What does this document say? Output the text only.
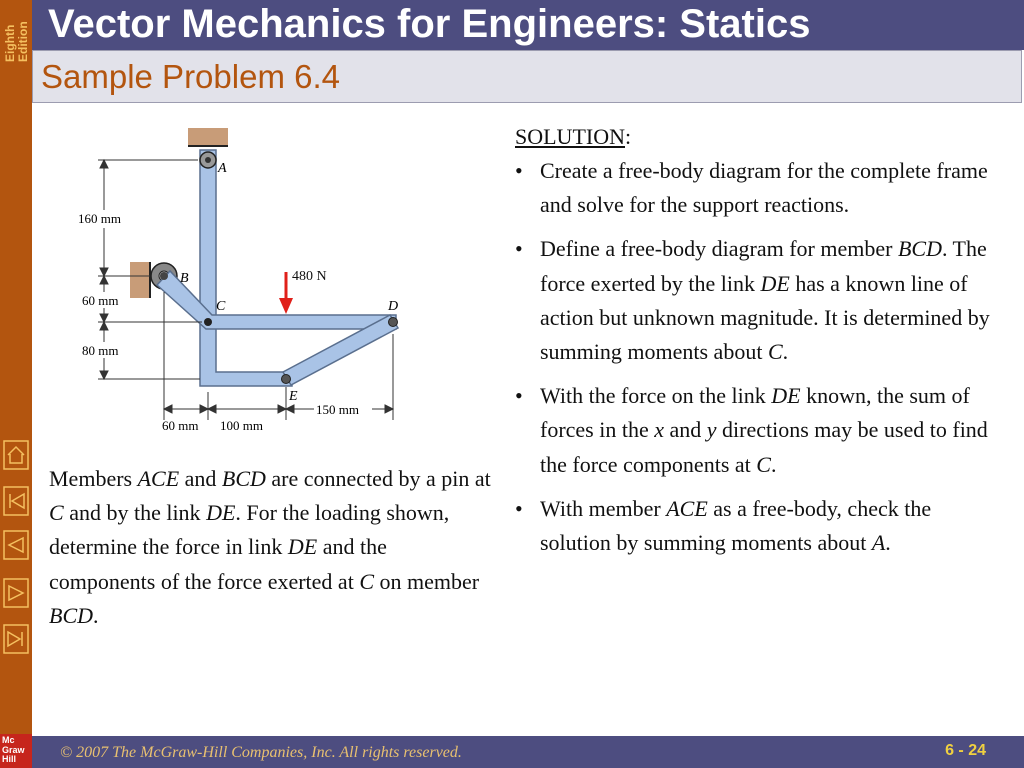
Eighth Edition
Mc
Graw
Hill
Vector Mechanics for Engineers: Statics
Sample Problem 6.4
480 N
A
B
C	D
E
160 mm
60 mm
80 mm
150 mm
60 mm 100 mm
Members ACE and BCD are connected by a pin at C and by the link DE. For the loading shown, determine the force in link DE and the components of the force exerted at C on member BCD.
SOLUTION:
• Create a free-body diagram for the complete frame and solve for the support reactions.
• Define a free-body diagram for member BCD. The force exerted by the link DE has a known line of action but unknown magnitude. It is determined by summing moments about C.
• With the force on the link DE known, the sum of forces in the x and y directions may be used to find the force components at C.
• With member ACE as a free-body, check the solution by summing moments about A.
© 2007 The McGraw-Hill Companies, Inc. All rights reserved.	6 - 24
